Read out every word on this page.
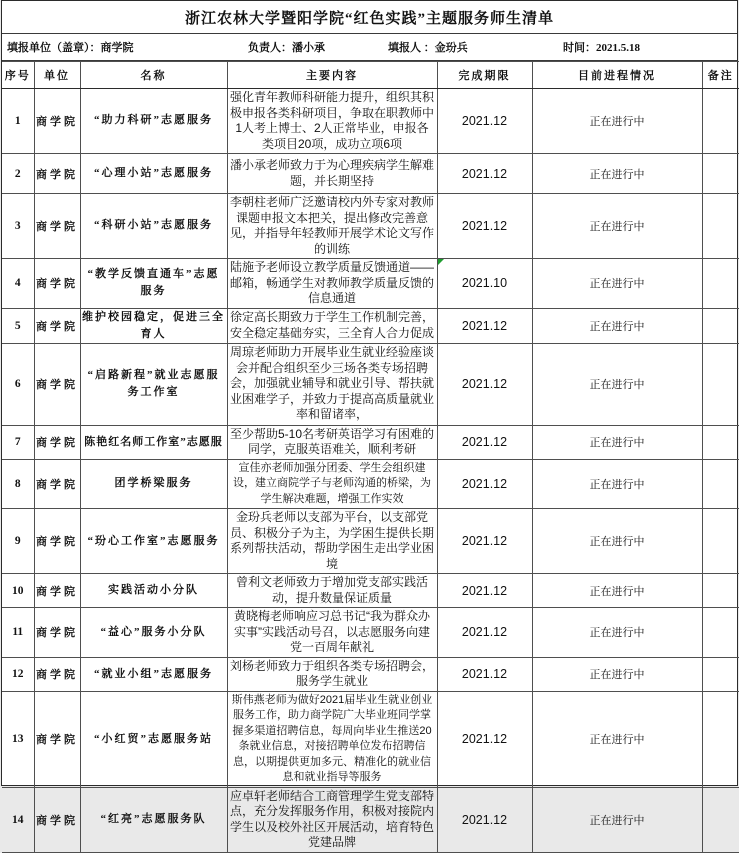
浙江农林大学暨阳学院“红色实践”主题服务师生清单
填报单位（盖章）：商学院	负责人：潘小承	填报人 ：金玢兵	时间：2021.5.18
序号	单位	名称	主要内容	完成期限	目前进程情况	备注
1	商学院	“助力科研”志愿服务	强化青年教师科研能力提升，组织其积极申报各类科研项目，争取在职教师中1人考上博士、2人正常毕业，申报各类项目20项，成功立项6项	2021.12	正在进行中	
2	商学院	“心理小站”志愿服务	潘小承老师致力于为心理疾病学生解难题，并长期坚持	2021.12	正在进行中	
3	商学院	“科研小站”志愿服务	李朝柱老师广泛邀请校内外专家对教师课题申报文本把关，提出修改完善意见，并指导年轻教师开展学术论文写作的训练	2021.12	正在进行中	
4	商学院	“教学反馈直通车”志愿服务	陆施予老师设立教学质量反馈通道——邮箱，畅通学生对教师教学质量反馈的信息通道	2021.10	正在进行中	
5	商学院	维护校园稳定，促进三全育人	徐定高长期致力于学生工作机制完善，安全稳定基础夯实，三全育人合力促成	2021.12	正在进行中	
6	商学院	“启路新程”就业志愿服务工作室	周琼老师助力开展毕业生就业经验座谈会并配合组织至少三场各类专场招聘会，加强就业辅导和就业引导、帮扶就业困难学子，并致力于提高高质量就业率和留诸率，	2021.12	正在进行中	
7	商学院	陈艳红名师工作室”志愿服	至少帮助5-10名考研英语学习有困难的同学，克服英语难关，顺利考研	2021.12	正在进行中	
8	商学院	团学桥梁服务	宣佳亦老师加强分团委、学生会组织建设，建立商院学子与老师沟通的桥梁，为学生解决难题，增强工作实效	2021.12	正在进行中	
9	商学院	“玢心工作室”志愿服务	金玢兵老师以支部为平台，以支部党员、积极分子为主，为学困生提供长期系列帮扶活动，帮助学困生走出学业困境	2021.12	正在进行中	
10	商学院	实践活动小分队	曾利文老师致力于增加党支部实践活动，提升数量保证质量	2021.12	正在进行中	
11	商学院	“益心”服务小分队	黄晓梅老师响应习总书记“我为群众办实事”实践活动号召，以志愿服务向建党一百周年献礼	2021.12	正在进行中	
12	商学院	“就业小组”志愿服务	刘杨老师致力于组织各类专场招聘会，服务学生就业	2021.12	正在进行中	
13	商学院	“小红贸”志愿服务站	斯伟燕老师为做好2021届毕业生就业创业服务工作，助力商学院广大毕业班同学掌握多渠道招聘信息，每周向毕业生推送20条就业信息，对接招聘单位发布招聘信息，以期提供更加多元、精准化的就业信息和就业指导等服务	2021.12	正在进行中	
14	商学院	“红亮”志愿服务队	应卓轩老师结合工商管理学生党支部特点，充分发挥服务作用，积极对接院内学生以及校外社区开展活动，培育特色党建品牌	2021.12	正在进行中	
